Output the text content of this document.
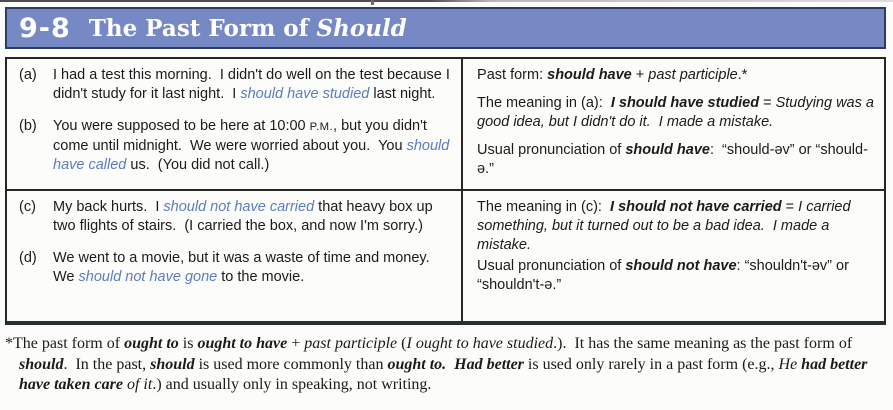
9-8 The Past Form of Should
(a)	I had a test this morning.  I didn't do well on the test because I didn't study for it last night.  I should have studied last night.
(b)	You were supposed to be here at 10:00 P.M., but you didn't come until midnight.  We were worried about you.  You should have called us.  (You did not call.)

Past form: should have + past participle.*

The meaning in (a):  I should have studied = Studying was a good idea, but I didn't do it.  I made a mistake.

Usual pronunciation of should have:  “should-əv” or “should-ə.”

(c)	My back hurts.  I should not have carried that heavy box up two flights of stairs.  (I carried the box, and now I'm sorry.)
(d)	We went to a movie, but it was a waste of time and money.  We should not have gone to the movie.

The meaning in (c):  I should not have carried = I carried something, but it turned out to be a bad idea.  I made a mistake.

Usual pronunciation of should not have: “shouldn't-əv” or “shouldn't-ə.”

*The past form of ought to is ought to have + past participle (I ought to have studied.).  It has the same meaning as the past form of should.  In the past, should is used more commonly than ought to. Had better is used only rarely in a past form (e.g., He had better have taken care of it.) and usually only in speaking, not writing.
